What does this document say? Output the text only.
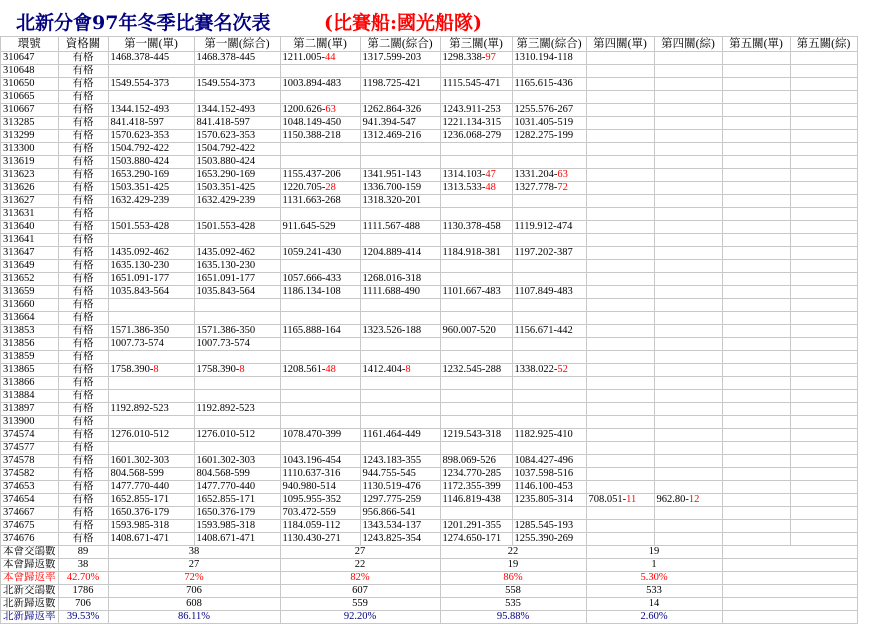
北新分會97年冬季比賽名次表	(比賽船:國光船隊)
環號	資格關	第一關(單)	第一關(綜合)	第二關(單)	第二關(綜合)	第三關(單)	第三關(綜合)	第四關(單)	第四關(綜)	第五關(單)	第五關(綜)
310647	有格	1468.378-445	1468.378-445	1211.005-44	1317.599-203	1298.338-97	1310.194-118				
310648	有格										
310650	有格	1549.554-373	1549.554-373	1003.894-483	1198.725-421	1115.545-471	1165.615-436				
310665	有格										
310667	有格	1344.152-493	1344.152-493	1200.626-63	1262.864-326	1243.911-253	1255.576-267				
313285	有格	841.418-597	841.418-597	1048.149-450	941.394-547	1221.134-315	1031.405-519				
313299	有格	1570.623-353	1570.623-353	1150.388-218	1312.469-216	1236.068-279	1282.275-199				
313300	有格	1504.792-422	1504.792-422								
313619	有格	1503.880-424	1503.880-424								
313623	有格	1653.290-169	1653.290-169	1155.437-206	1341.951-143	1314.103-47	1331.204-63				
313626	有格	1503.351-425	1503.351-425	1220.705-28	1336.700-159	1313.533-48	1327.778-72				
313627	有格	1632.429-239	1632.429-239	1131.663-268	1318.320-201						
313631	有格										
313640	有格	1501.553-428	1501.553-428	911.645-529	1111.567-488	1130.378-458	1119.912-474				
313641	有格										
313647	有格	1435.092-462	1435.092-462	1059.241-430	1204.889-414	1184.918-381	1197.202-387				
313649	有格	1635.130-230	1635.130-230								
313652	有格	1651.091-177	1651.091-177	1057.666-433	1268.016-318						
313659	有格	1035.843-564	1035.843-564	1186.134-108	1111.688-490	1101.667-483	1107.849-483				
313660	有格										
313664	有格										
313853	有格	1571.386-350	1571.386-350	1165.888-164	1323.526-188	960.007-520	1156.671-442				
313856	有格	1007.73-574	1007.73-574								
313859	有格										
313865	有格	1758.390-8	1758.390-8	1208.561-48	1412.404-8	1232.545-288	1338.022-52				
313866	有格										
313884	有格										
313897	有格	1192.892-523	1192.892-523								
313900	有格										
374574	有格	1276.010-512	1276.010-512	1078.470-399	1161.464-449	1219.543-318	1182.925-410				
374577	有格										
374578	有格	1601.302-303	1601.302-303	1043.196-454	1243.183-355	898.069-526	1084.427-496				
374582	有格	804.568-599	804.568-599	1110.637-316	944.755-545	1234.770-285	1037.598-516				
374653	有格	1477.770-440	1477.770-440	940.980-514	1130.519-476	1172.355-399	1146.100-453				
374654	有格	1652.855-171	1652.855-171	1095.955-352	1297.775-259	1146.819-438	1235.805-314	708.051-11	962.80-12		
374667	有格	1650.376-179	1650.376-179	703.472-559	956.866-541						
374675	有格	1593.985-318	1593.985-318	1184.059-112	1343.534-137	1201.291-355	1285.545-193				
374676	有格	1408.671-471	1408.671-471	1130.430-271	1243.825-354	1274.650-171	1255.390-269				
本會交鴿數	89	38		27		22		19			
本會歸返數	38	27		22		19		1			
本會歸返率	42.70%	72%		82%		86%		5.30%			
北新交鴿數	1786	706		607		558		533			
北新歸返數	706	608		559		535		14			
北新歸返率	39.53%	86.11%		92.20%		95.88%		2.60%			
